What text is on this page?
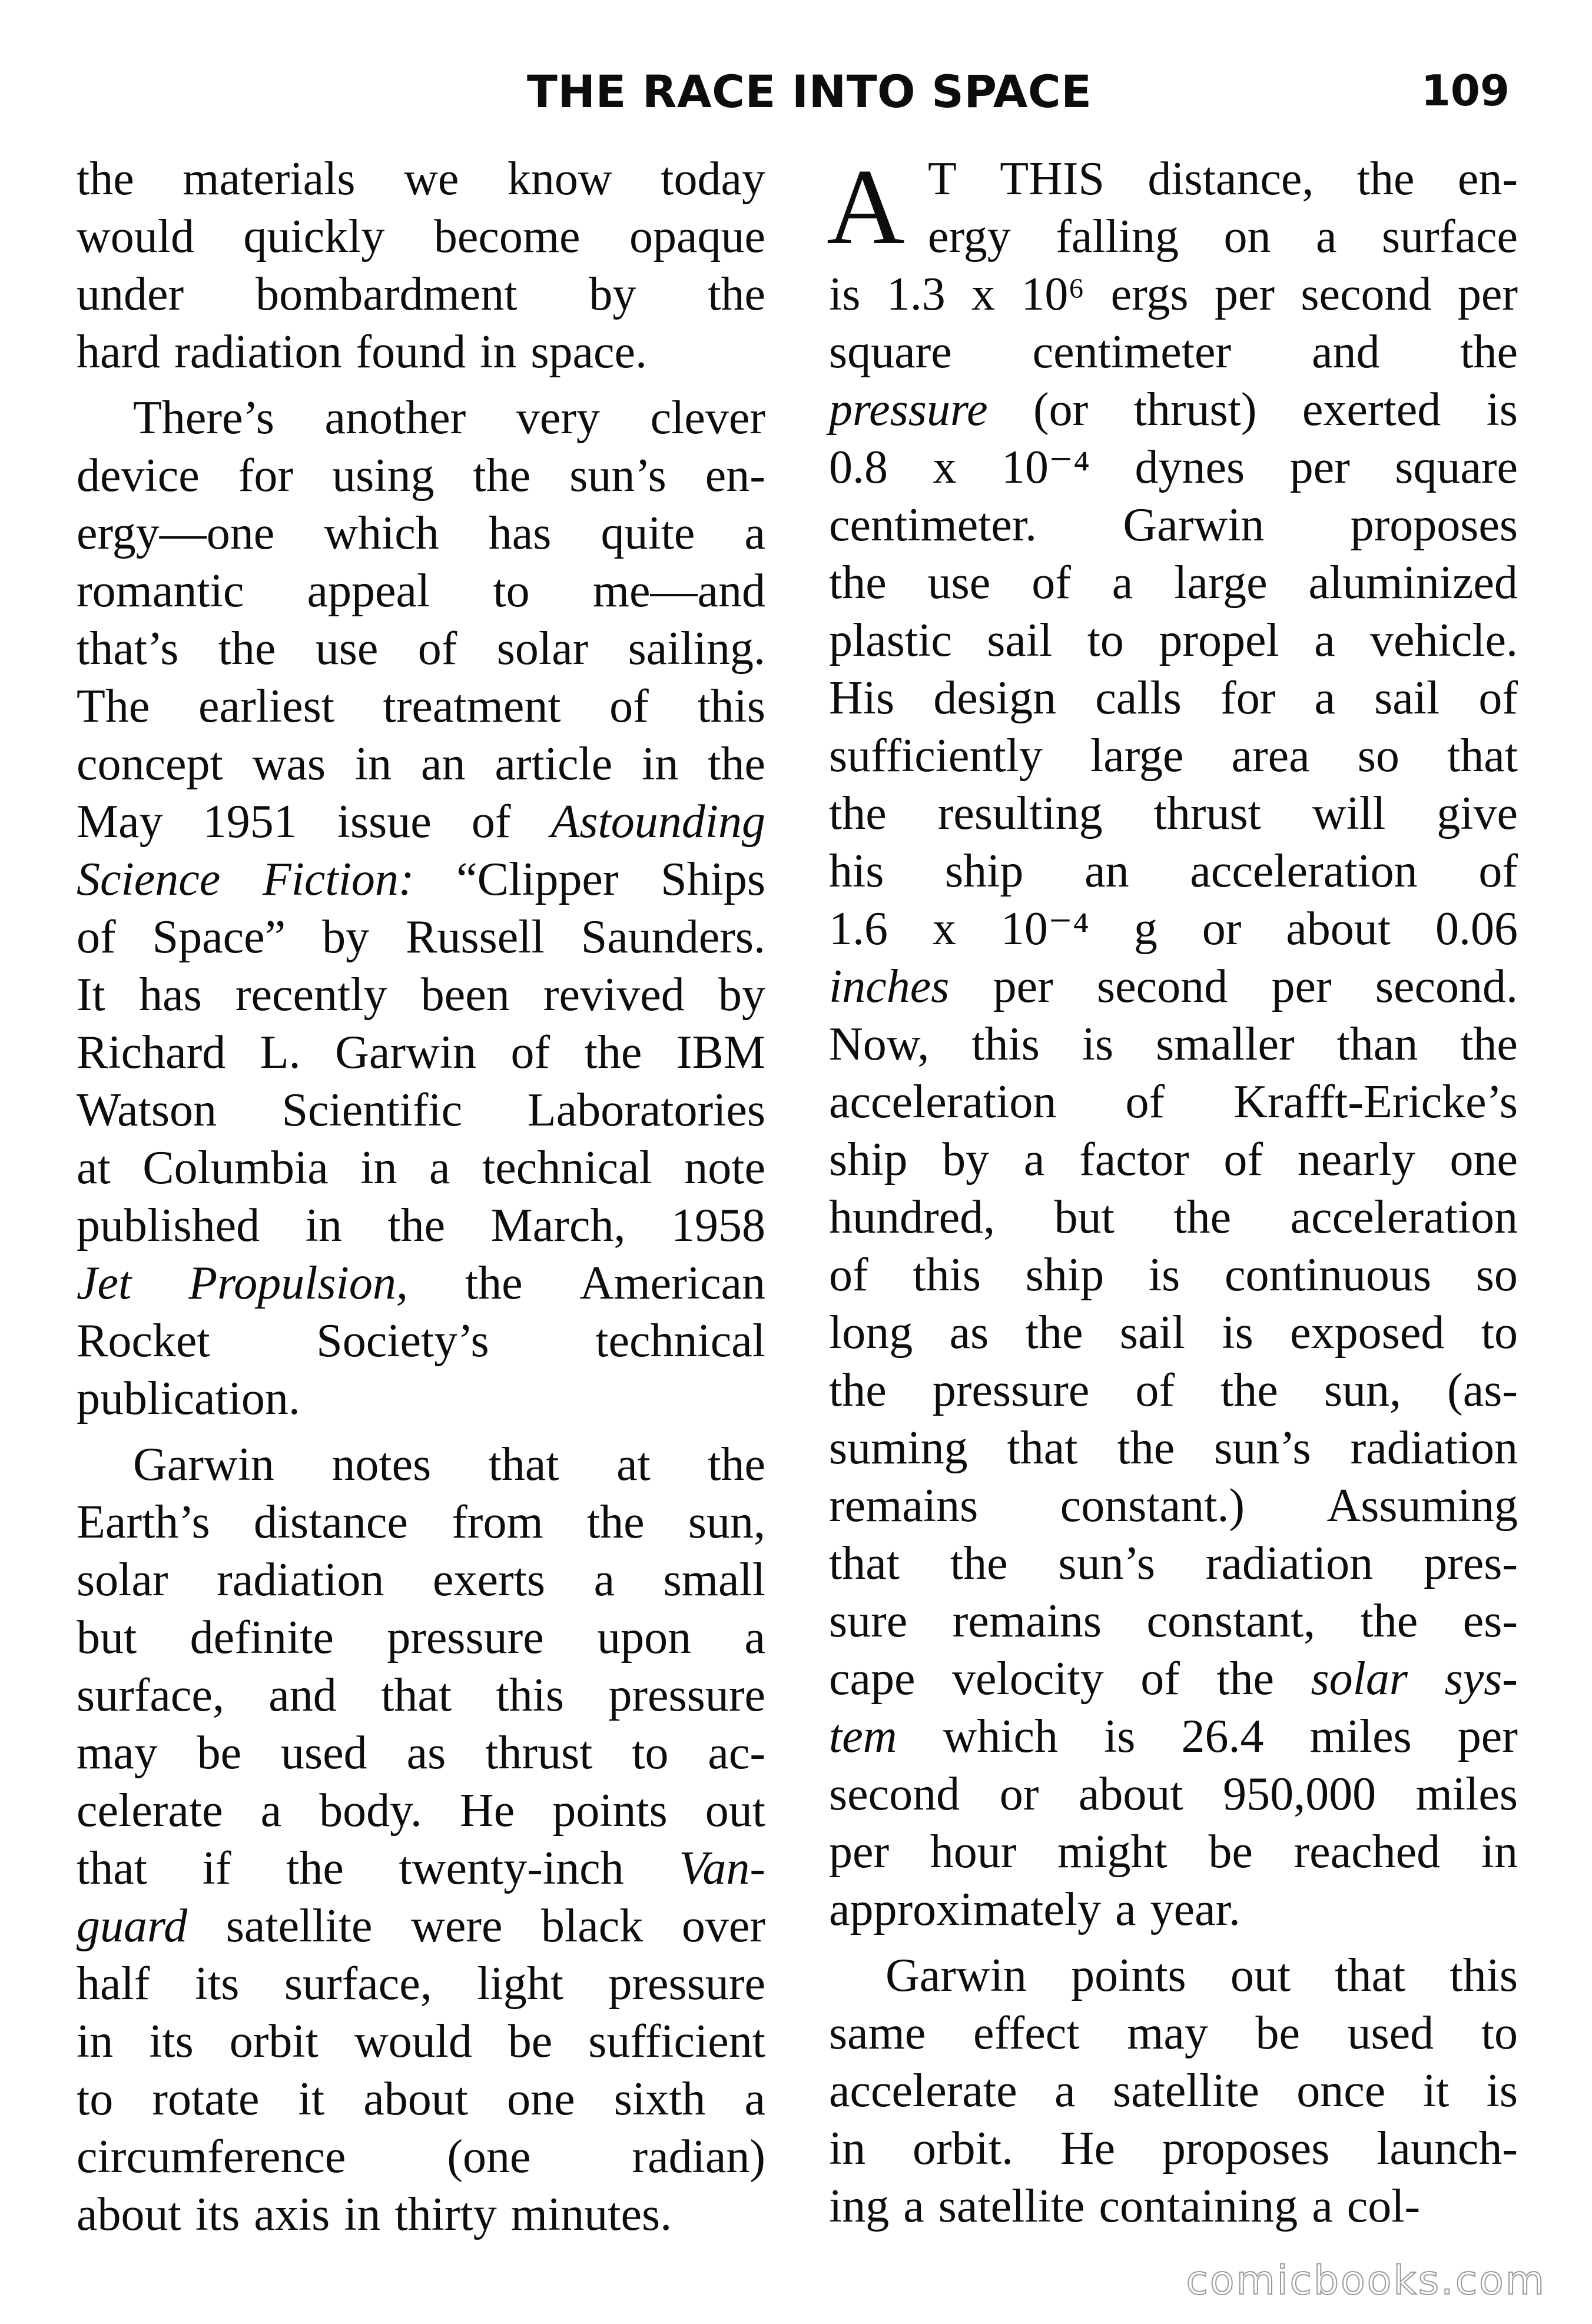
THE RACE INTO SPACE	109
the materials we know today
would quickly become opaque
under bombardment by the
hard radiation found in space.
There’s another very clever
device for using the sun’s en-
ergy—one which has quite a
romantic appeal to me—and
that’s the use of solar sailing.
The earliest treatment of this
concept was in an article in the
May 1951 issue of Astounding
Science Fiction: “Clipper Ships
of Space” by Russell Saunders.
It has recently been revived by
Richard L. Garwin of the IBM
Watson Scientific Laboratories
at Columbia in a technical note
published in the March, 1958
Jet Propulsion, the American
Rocket Society’s technical
publication.
Garwin notes that at the
Earth’s distance from the sun,
solar radiation exerts a small
but definite pressure upon a
surface, and that this pressure
may be used as thrust to ac-
celerate a body. He points out
that if the twenty-inch Van-
guard satellite were black over
half its surface, light pressure
in its orbit would be sufficient
to rotate it about one sixth a
circumference (one radian)
about its axis in thirty minutes.
A T THIS distance, the en-
ergy falling on a surface
is 1.3 x 10⁶ ergs per second per
square centimeter and the
pressure (or thrust) exerted is
0.8 x 10⁻⁴ dynes per square
centimeter. Garwin proposes
the use of a large aluminized
plastic sail to propel a vehicle.
His design calls for a sail of
sufficiently large area so that
the resulting thrust will give
his ship an acceleration of
1.6 x 10⁻⁴ g or about 0.06
inches per second per second.
Now, this is smaller than the
acceleration of Krafft-Ericke’s
ship by a factor of nearly one
hundred, but the acceleration
of this ship is continuous so
long as the sail is exposed to
the pressure of the sun, (as-
suming that the sun’s radiation
remains constant.) Assuming
that the sun’s radiation pres-
sure remains constant, the es-
cape velocity of the solar sys-
tem which is 26.4 miles per
second or about 950,000 miles
per hour might be reached in
approximately a year.
Garwin points out that this
same effect may be used to
accelerate a satellite once it is
in orbit. He proposes launch-
ing a satellite containing a col-
comicbooks.com
